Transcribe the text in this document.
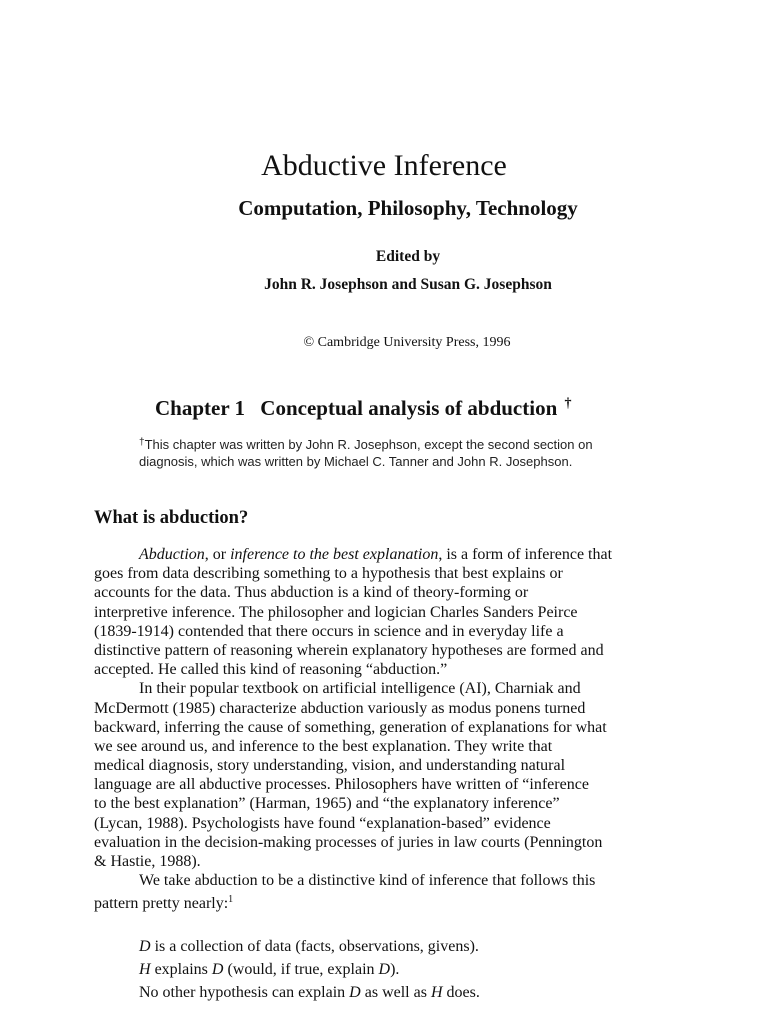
Abductive Inference
Computation, Philosophy, Technology
Edited by
John R. Josephson and Susan G. Josephson
© Cambridge University Press, 1996
Chapter 1 Conceptual analysis of abduction †
†This chapter was written by John R. Josephson, except the second section on
diagnosis, which was written by Michael C. Tanner and John R. Josephson.
What is abduction?
Abduction, or inference to the best explanation, is a form of inference that
goes from data describing something to a hypothesis that best explains or
accounts for the data. Thus abduction is a kind of theory-forming or
interpretive inference. The philosopher and logician Charles Sanders Peirce
(1839-1914) contended that there occurs in science and in everyday life a
distinctive pattern of reasoning wherein explanatory hypotheses are formed and
accepted. He called this kind of reasoning “abduction.”
In their popular textbook on artificial intelligence (AI), Charniak and
McDermott (1985) characterize abduction variously as modus ponens turned
backward, inferring the cause of something, generation of explanations for what
we see around us, and inference to the best explanation. They write that
medical diagnosis, story understanding, vision, and understanding natural
language are all abductive processes. Philosophers have written of “inference
to the best explanation” (Harman, 1965) and “the explanatory inference”
(Lycan, 1988). Psychologists have found “explanation-based” evidence
evaluation in the decision-making processes of juries in law courts (Pennington
& Hastie, 1988).
We take abduction to be a distinctive kind of inference that follows this
pattern pretty nearly:$^1$
D is a collection of data (facts, observations, givens).
H explains D (would, if true, explain D).
No other hypothesis can explain D as well as H does.
